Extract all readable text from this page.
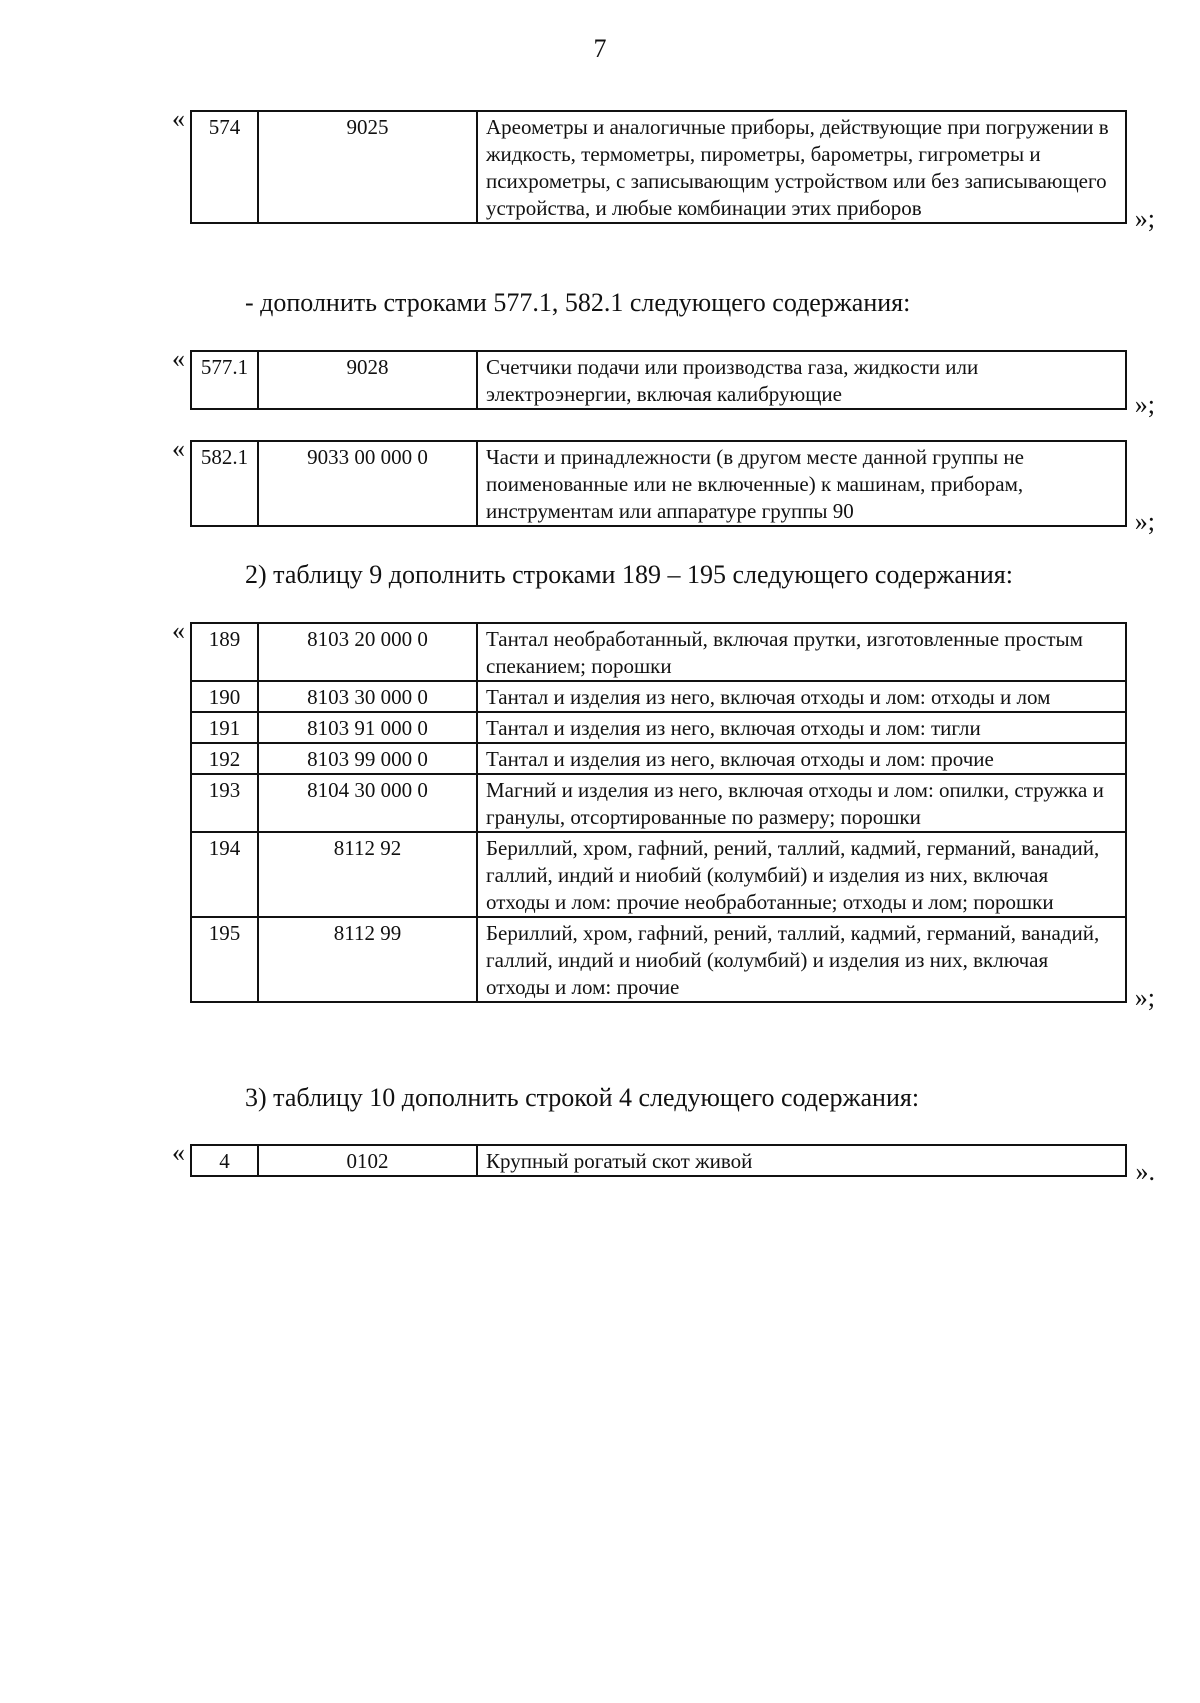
7
« 574	9025	Ареометры и аналогичные приборы, действующие при погружении в жидкость, термометры, пирометры, барометры, гигрометры и психрометры, с записывающим устройством или без записывающего устройства, и любые комбинации этих приборов	»;
- дополнить строками 577.1, 582.1 следующего содержания:
« 577.1	9028	Счетчики подачи или производства газа, жидкости или электроэнергии, включая калибрующие	»;
« 582.1	9033 00 000 0	Части и принадлежности (в другом месте данной группы не поименованные или не включенные) к машинам, приборам, инструментам или аппаратуре группы 90	»;
2) таблицу 9 дополнить строками 189 – 195 следующего содержания:
« 189	8103 20 000 0	Тантал необработанный, включая прутки, изготовленные простым спеканием; порошки
190	8103 30 000 0	Тантал и изделия из него, включая отходы и лом: отходы и лом
191	8103 91 000 0	Тантал и изделия из него, включая отходы и лом: тигли
192	8103 99 000 0	Тантал и изделия из него, включая отходы и лом: прочие
193	8104 30 000 0	Магний и изделия из него, включая отходы и лом: опилки, стружка и гранулы, отсортированные по размеру; порошки
194	8112 92	Бериллий, хром, гафний, рений, таллий, кадмий, германий, ванадий, галлий, индий и ниобий (колумбий) и изделия из них, включая отходы и лом: прочие необработанные; отходы и лом; порошки
195	8112 99	Бериллий, хром, гафний, рений, таллий, кадмий, германий, ванадий, галлий, индий и ниобий (колумбий) и изделия из них, включая отходы и лом: прочие	»;
3) таблицу 10 дополнить строкой 4 следующего содержания:
« 4	0102	Крупный рогатый скот живой	».
